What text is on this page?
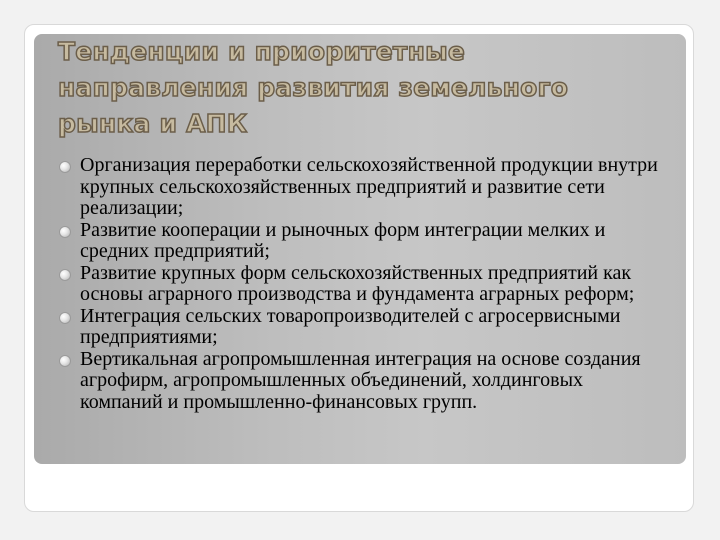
Тенденции и приоритетные направления развития земельного рынка и АПК
Организация переработки сельскохозяйственной продукции внутри крупных сельскохозяйственных предприятий и развитие сети реализации;
Развитие кооперации и рыночных форм интеграции мелких и средних предприятий;
Развитие крупных форм сельскохозяйственных предприятий как основы аграрного производства и фундамента аграрных реформ;
Интеграция сельских товаропроизводителей с агросервисными предприятиями;
Вертикальная агропромышленная интеграция на основе создания агрофирм, агропромышленных объединений, холдинговых компаний и промышленно-финансовых групп.
